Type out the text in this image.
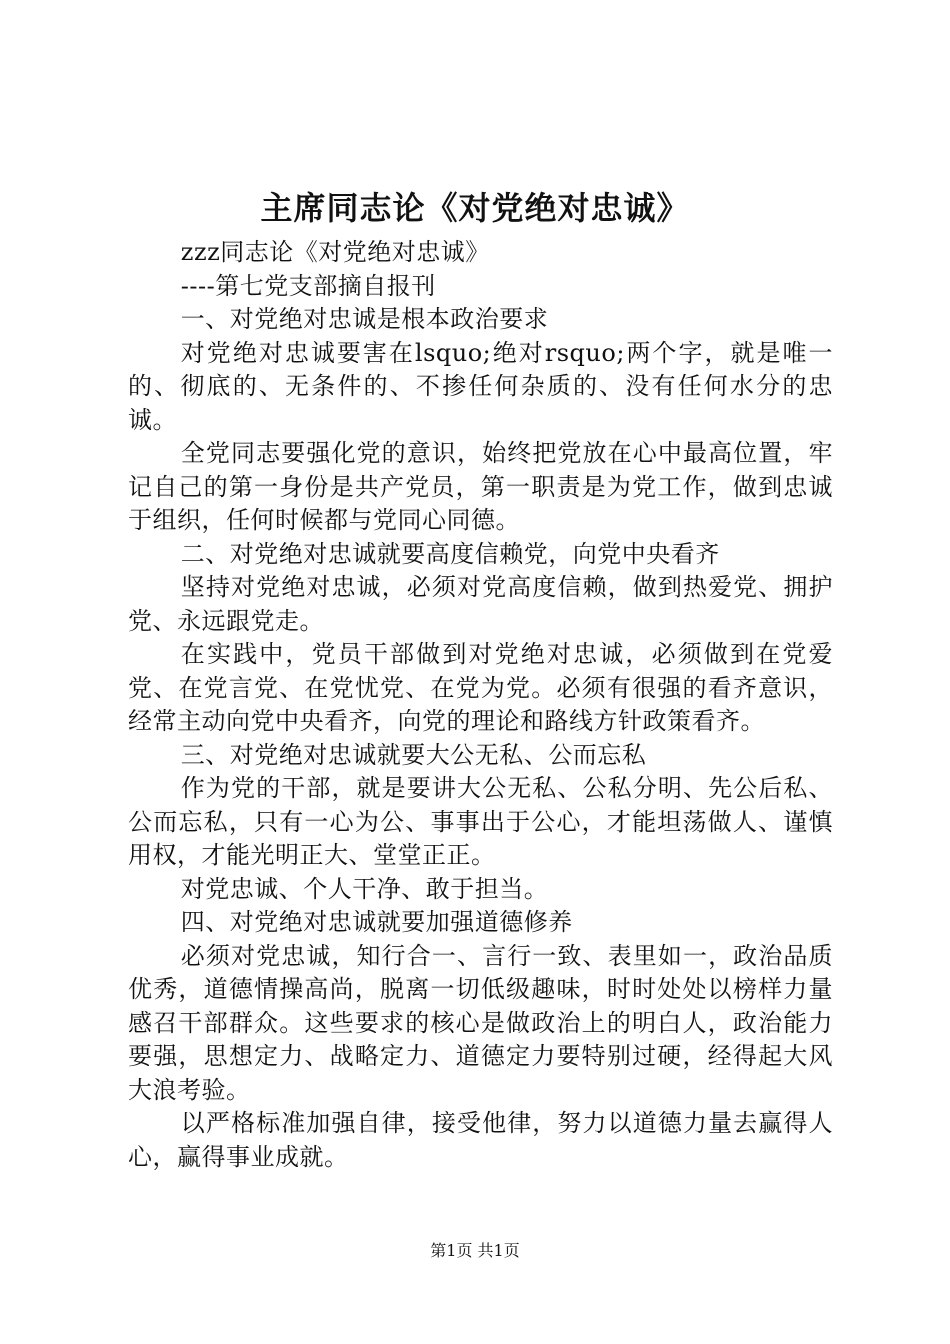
主席同志论《对党绝对忠诚》

zzz同志论《对党绝对忠诚》

----第七党支部摘自报刊

一、对党绝对忠诚是根本政治要求

对党绝对忠诚要害在lsquo;绝对rsquo;两个字，就是唯一的、彻底的、无条件的、不掺任何杂质的、没有任何水分的忠诚。

全党同志要强化党的意识，始终把党放在心中最高位置，牢记自己的第一身份是共产党员，第一职责是为党工作，做到忠诚于组织，任何时候都与党同心同德。

二、对党绝对忠诚就要高度信赖党，向党中央看齐

坚持对党绝对忠诚，必须对党高度信赖，做到热爱党、拥护党、永远跟党走。

在实践中，党员干部做到对党绝对忠诚，必须做到在党爱党、在党言党、在党忧党、在党为党。必须有很强的看齐意识，经常主动向党中央看齐，向党的理论和路线方针政策看齐。

三、对党绝对忠诚就要大公无私、公而忘私

作为党的干部，就是要讲大公无私、公私分明、先公后私、公而忘私，只有一心为公、事事出于公心，才能坦荡做人、谨慎用权，才能光明正大、堂堂正正。

对党忠诚、个人干净、敢于担当。

四、对党绝对忠诚就要加强道德修养

必须对党忠诚，知行合一、言行一致、表里如一，政治品质优秀，道德情操高尚，脱离一切低级趣味，时时处处以榜样力量感召干部群众。这些要求的核心是做政治上的明白人，政治能力要强，思想定力、战略定力、道德定力要特别过硬，经得起大风大浪考验。

以严格标准加强自律，接受他律，努力以道德力量去赢得人心，赢得事业成就。

第1页 共1页
